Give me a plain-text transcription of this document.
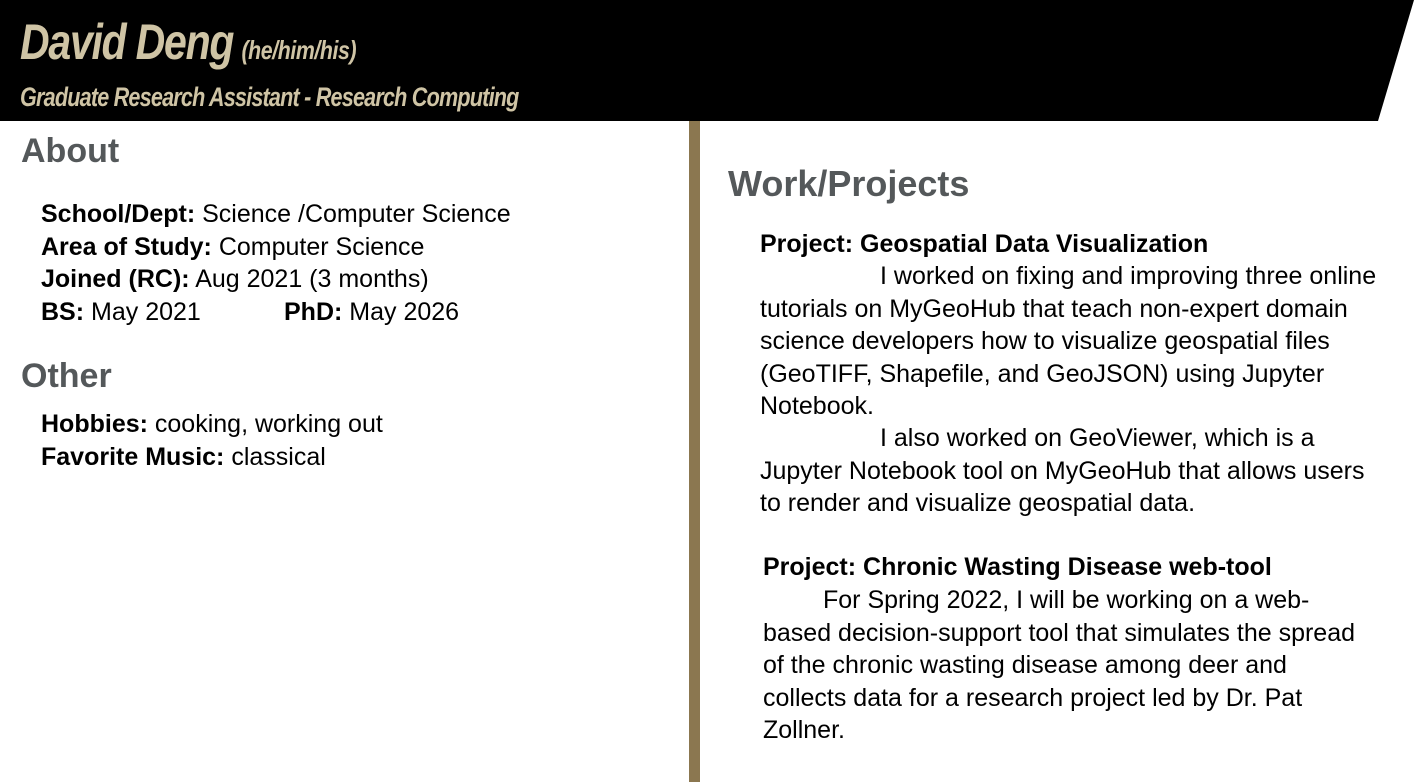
David Deng (he/him/his)
Graduate Research Assistant - Research Computing
About
School/Dept: Science /Computer Science
Area of Study: Computer Science
Joined (RC): Aug 2021 (3 months)
BS: May 2021	PhD: May 2026
Other
Hobbies: cooking, working out
Favorite Music: classical
Work/Projects
Project: Geospatial Data Visualization

I worked on fixing and improving three online tutorials on MyGeoHub that teach non-expert domain science developers how to visualize geospatial files (GeoTIFF, Shapefile, and GeoJSON) using Jupyter Notebook.

I also worked on GeoViewer, which is a Jupyter Notebook tool on MyGeoHub that allows users to render and visualize geospatial data.

Project: Chronic Wasting Disease web-tool

For Spring 2022, I will be working on a web-based decision-support tool that simulates the spread of the chronic wasting disease among deer and collects data for a research project led by Dr. Pat Zollner.
